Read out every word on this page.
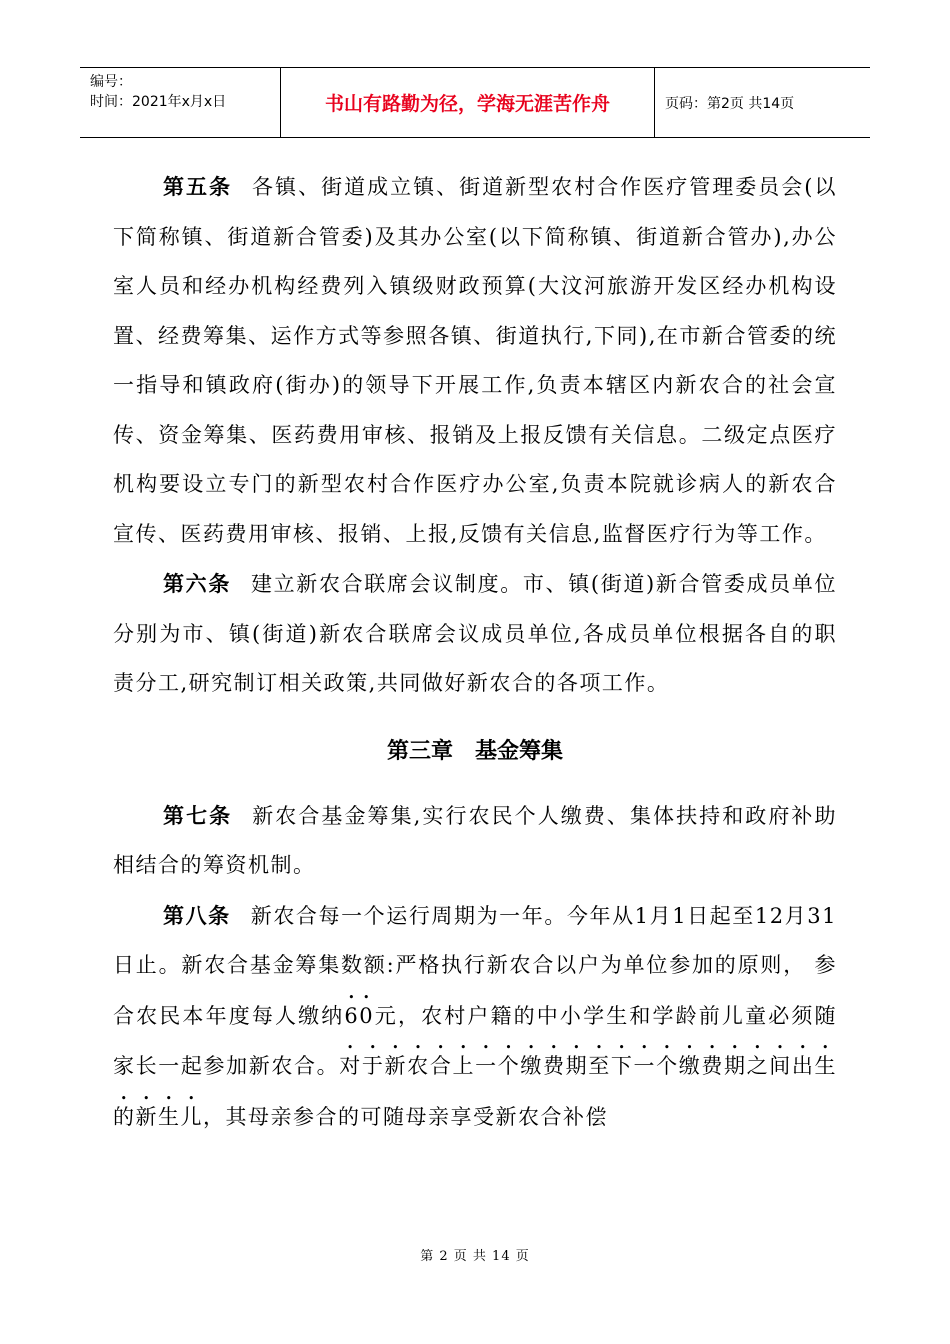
编号：
时间：2021年x月x日	书山有路勤为径，学海无涯苦作舟	页码：第2页 共14页

第五条 各镇、街道成立镇、街道新型农村合作医疗管理委员会(以下简称镇、街道新合管委)及其办公室(以下简称镇、街道新合管办),办公室人员和经办机构经费列入镇级财政预算(大汶河旅游开发区经办机构设置、经费筹集、运作方式等参照各镇、街道执行,下同),在市新合管委的统一指导和镇政府(街办)的领导下开展工作,负责本辖区内新农合的社会宣传、资金筹集、医药费用审核、报销及上报反馈有关信息。二级定点医疗机构要设立专门的新型农村合作医疗办公室,负责本院就诊病人的新农合宣传、医药费用审核、报销、上报,反馈有关信息,监督医疗行为等工作。

第六条 建立新农合联席会议制度。市、镇(街道)新合管委成员单位分别为市、镇(街道)新农合联席会议成员单位,各成员单位根据各自的职责分工,研究制订相关政策,共同做好新农合的各项工作。

第三章　基金筹集

第七条 新农合基金筹集,实行农民个人缴费、集体扶持和政府补助相结合的筹资机制。

第八条 新农合每一个运行周期为一年。今年从1月1日起至12月31日止。新农合基金筹集数额:严格执行新农合以户为单位参加的原则， 参合农民本年度每人缴纳60元，农村户籍的中小学生和学龄前儿童必须随家长一起参加新农合。对于新农合上一个缴费期至下一个缴费期之间出生的新生儿，其母亲参合的可随母亲享受新农合补偿

第 2 页 共 14 页
